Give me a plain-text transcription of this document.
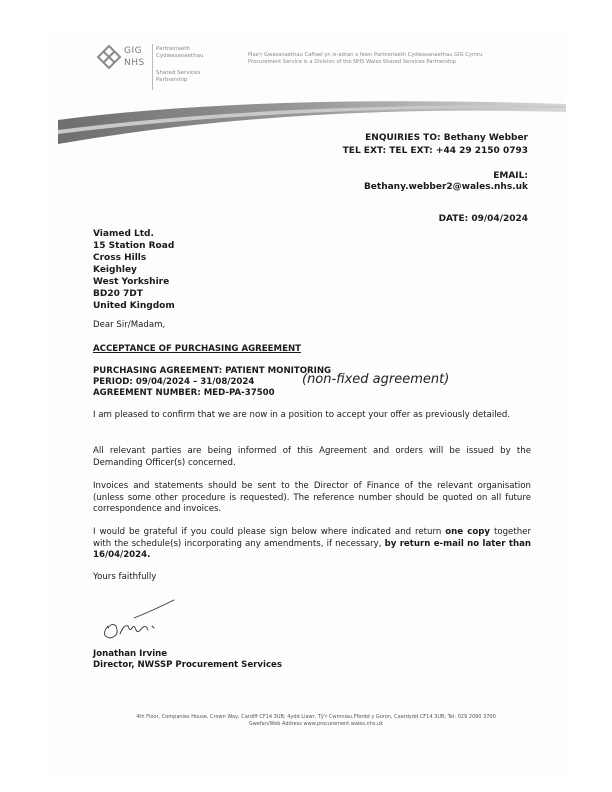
GIG
NHS
Partneriaeth Cydwasanaethau
Shared Services Partnership
Mae'r Gwasanaethau Caffael yn is-adran o fewn Partneriaeth Cydwasanaethau GIG Cymru
Procurement Service is a Division of the NHS Wales Shared Services Partnership
ENQUIRIES TO: Bethany Webber
TEL EXT: TEL EXT: +44 29 2150 0793
EMAIL:
Bethany.webber2@wales.nhs.uk
DATE: 09/04/2024
Viamed Ltd.
15 Station Road
Cross Hills
Keighley
West Yorkshire
BD20 7DT
United Kingdom
Dear Sir/Madam,
ACCEPTANCE OF PURCHASING AGREEMENT
PURCHASING AGREEMENT: PATIENT MONITORING
PERIOD: 09/04/2024 – 31/08/2024
AGREEMENT NUMBER: MED-PA-37500
(non-fixed agreement)
I am pleased to confirm that we are now in a position to accept your offer as previously detailed.
All relevant parties are being informed of this Agreement and orders will be issued by the Demanding Officer(s) concerned.
Invoices and statements should be sent to the Director of Finance of the relevant organisation (unless some other procedure is requested). The reference number should be quoted on all future correspondence and invoices.
I would be grateful if you could please sign below where indicated and return one copy together with the schedule(s) incorporating any amendments, if necessary, by return e-mail no later than 16/04/2024.
Yours faithfully
Jonathan Irvine
Director, NWSSP Procurement Services
4th Floor, Companies House, Crown Way, Cardiff CF14 3UB; 4ydd Llawr, Tŷ'r Cwmniau,Ffordd y Goron, Caerdydd CF14 3UB; Tel: 029 2090 3700
Gwefan/Web Address www.procurement.wales.nhs.uk
